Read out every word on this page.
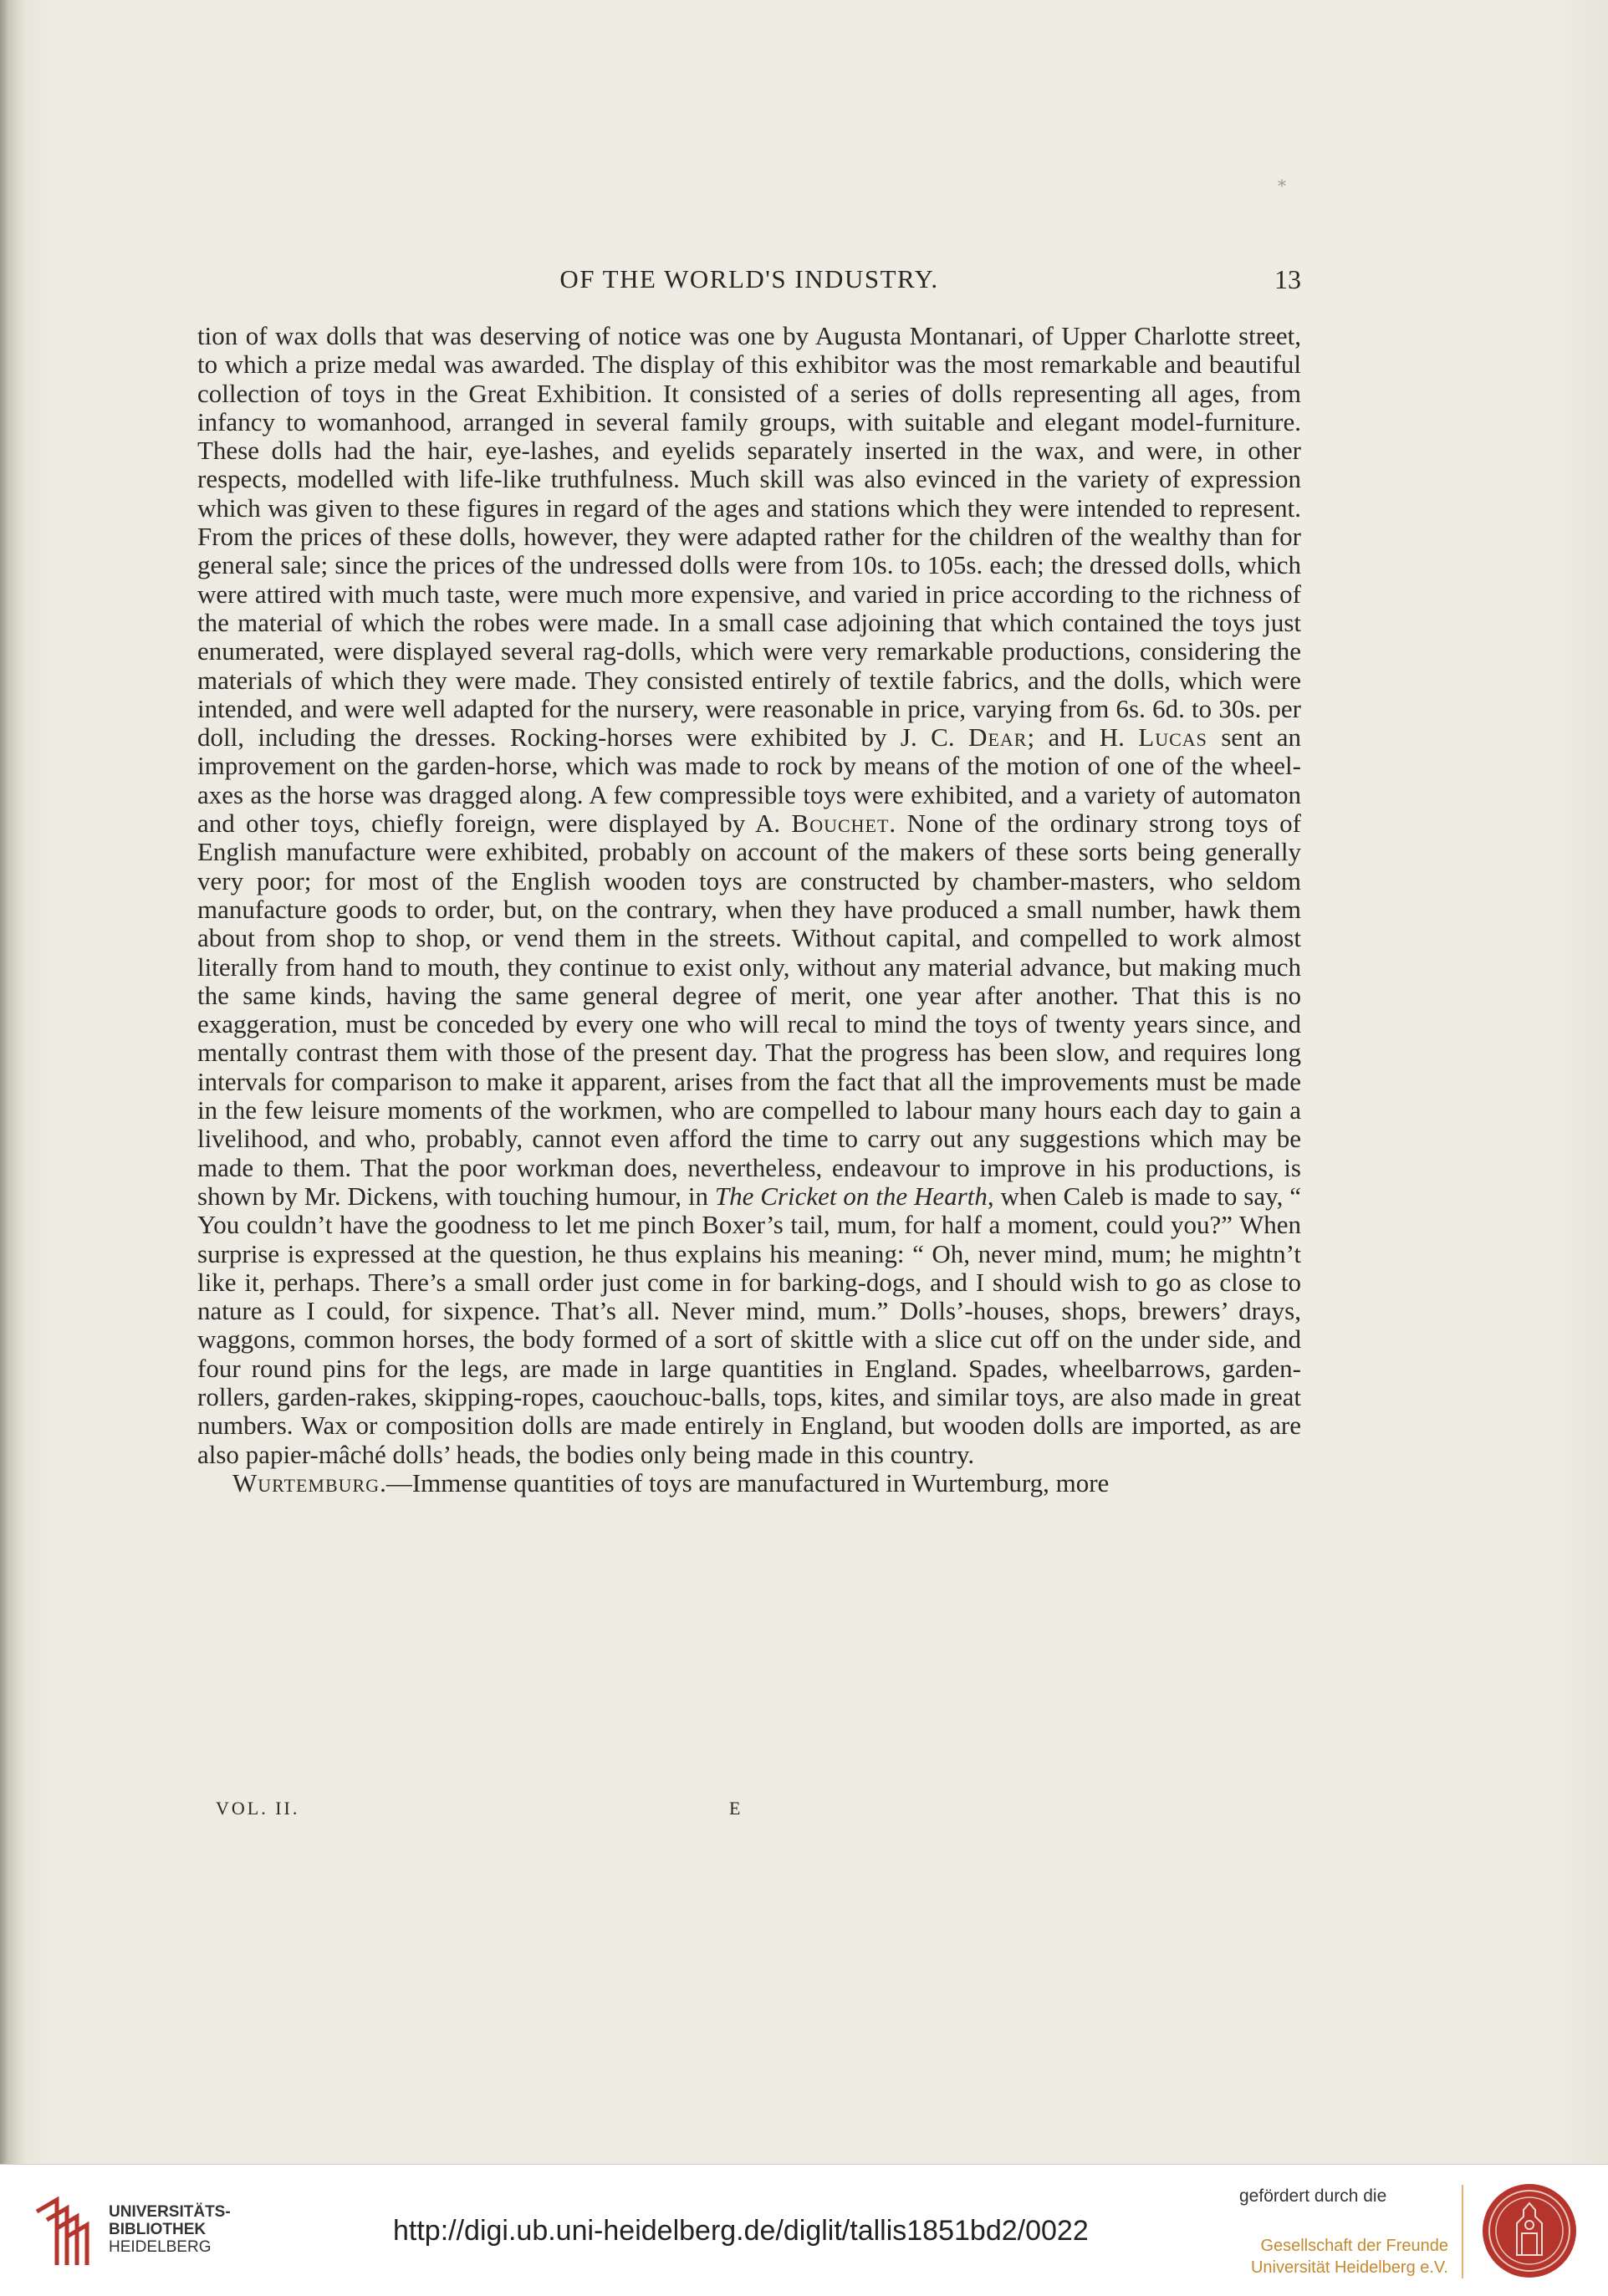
*
OF THE WORLD'S INDUSTRY.	13

tion of wax dolls that was deserving of notice was one by Augusta Montanari, of Upper Charlotte street, to which a prize medal was awarded. The display of this exhibitor was the most remarkable and beautiful collection of toys in the Great Exhibition. It consisted of a series of dolls representing all ages, from infancy to womanhood, arranged in several family groups, with suitable and elegant model-furniture. These dolls had the hair, eye-lashes, and eyelids separately inserted in the wax, and were, in other respects, modelled with life-like truthfulness. Much skill was also evinced in the variety of expression which was given to these figures in regard of the ages and stations which they were intended to represent. From the prices of these dolls, however, they were adapted rather for the children of the wealthy than for general sale; since the prices of the undressed dolls were from 10s. to 105s. each; the dressed dolls, which were attired with much taste, were much more expensive, and varied in price according to the richness of the material of which the robes were made. In a small case adjoining that which contained the toys just enumerated, were displayed several rag-dolls, which were very remarkable productions, considering the materials of which they were made. They consisted entirely of textile fabrics, and the dolls, which were intended, and were well adapted for the nursery, were reasonable in price, varying from 6s. 6d. to 30s. per doll, including the dresses. Rocking-horses were exhibited by J. C. Dear; and H. Lucas sent an improvement on the garden-horse, which was made to rock by means of the motion of one of the wheel-axes as the horse was dragged along. A few compressible toys were exhibited, and a variety of automaton and other toys, chiefly foreign, were displayed by A. Bouchet. None of the ordinary strong toys of English manufacture were exhibited, probably on account of the makers of these sorts being generally very poor; for most of the English wooden toys are constructed by chamber-masters, who seldom manufacture goods to order, but, on the contrary, when they have produced a small number, hawk them about from shop to shop, or vend them in the streets. Without capital, and compelled to work almost literally from hand to mouth, they continue to exist only, without any material advance, but making much the same kinds, having the same general degree of merit, one year after another. That this is no exaggeration, must be conceded by every one who will recal to mind the toys of twenty years since, and mentally contrast them with those of the present day. That the progress has been slow, and requires long intervals for comparison to make it apparent, arises from the fact that all the improvements must be made in the few leisure moments of the workmen, who are compelled to labour many hours each day to gain a livelihood, and who, probably, cannot even afford the time to carry out any suggestions which may be made to them. That the poor workman does, nevertheless, endeavour to improve in his productions, is shown by Mr. Dickens, with touching humour, in The Cricket on the Hearth, when Caleb is made to say, “ You couldn’t have the goodness to let me pinch Boxer’s tail, mum, for half a moment, could you?” When surprise is expressed at the question, he thus explains his meaning: “ Oh, never mind, mum; he mightn’t like it, perhaps. There’s a small order just come in for barking-dogs, and I should wish to go as close to nature as I could, for sixpence. That’s all. Never mind, mum.” Dolls’-houses, shops, brewers’ drays, waggons, common horses, the body formed of a sort of skittle with a slice cut off on the under side, and four round pins for the legs, are made in large quantities in England. Spades, wheelbarrows, garden-rollers, garden-rakes, skipping-ropes, caouchouc-balls, tops, kites, and similar toys, are also made in great numbers. Wax or composition dolls are made entirely in England, but wooden dolls are imported, as are also papier-mâché dolls’ heads, the bodies only being made in this country.

Wurtemburg.—Immense quantities of toys are manufactured in Wurtemburg, more

VOL. II.	E
UNIVERSITÄTS-
BIBLIOTHEK
HEIDELBERG
http://digi.ub.uni-heidelberg.de/diglit/tallis1851bd2/0022
gefördert durch die
Gesellschaft der Freunde
Universität Heidelberg e.V.
